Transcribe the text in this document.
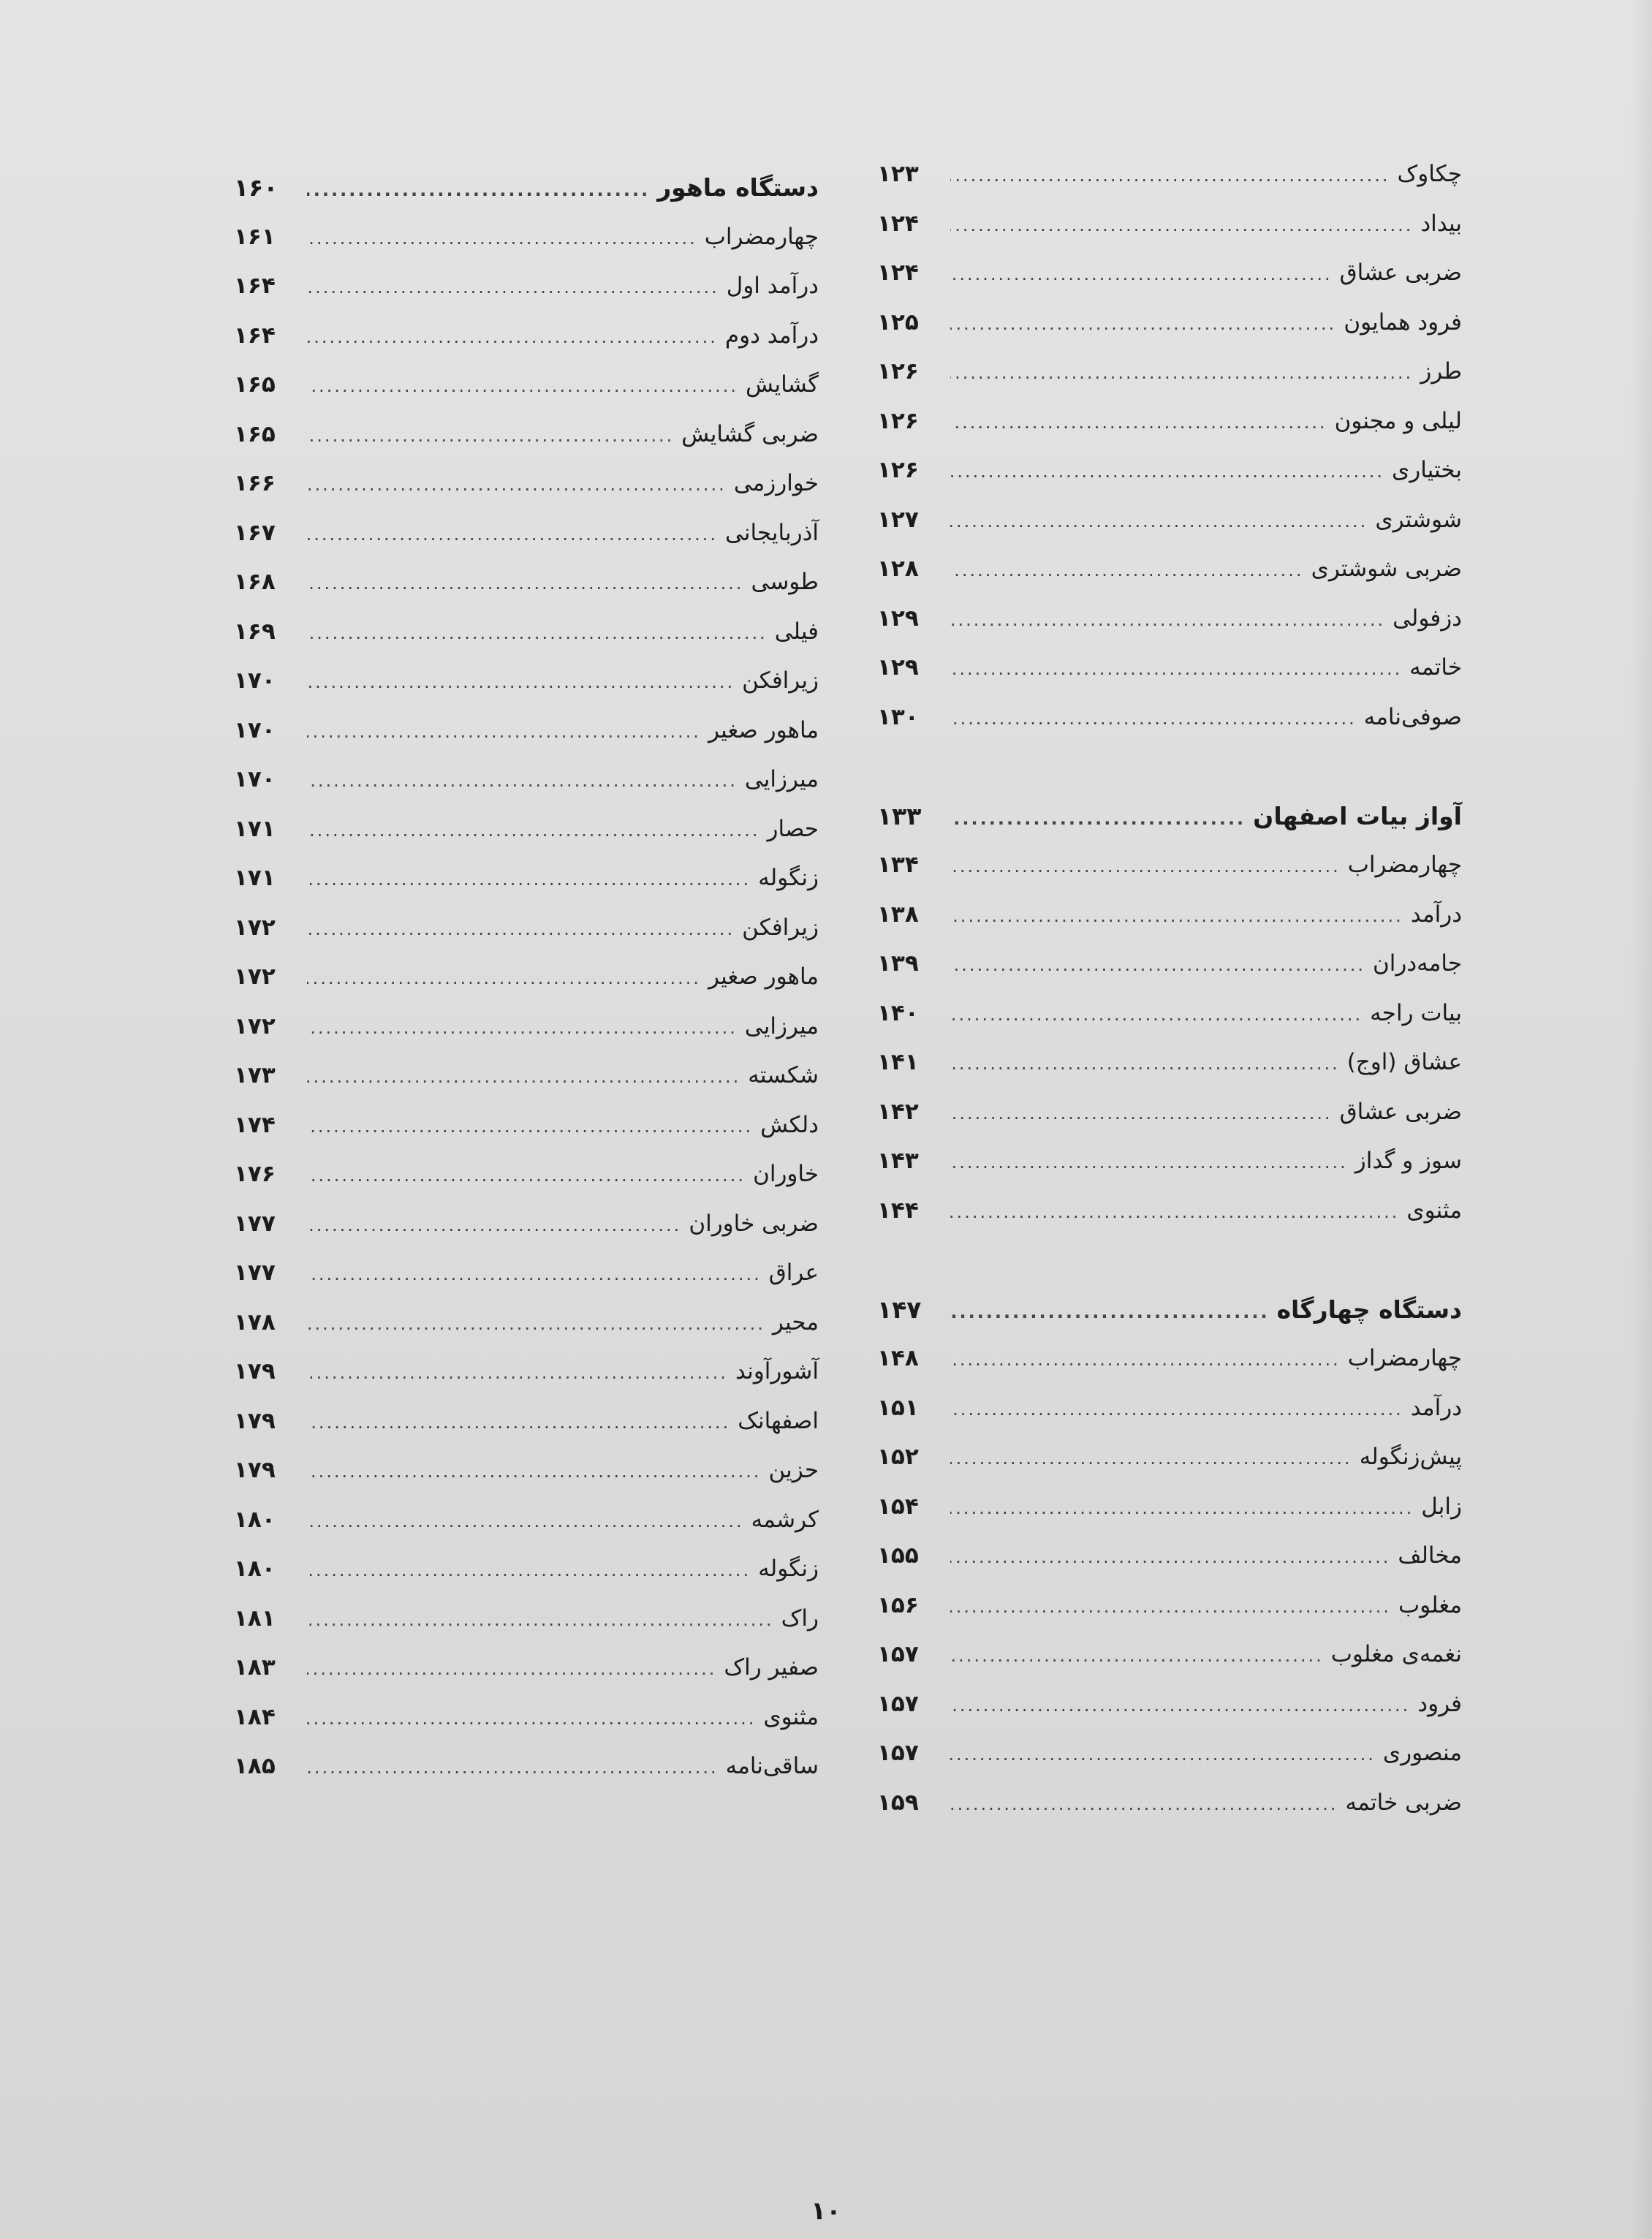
چکاوک
.....
۱۲۳
بیداد
.....
۱۲۴
ضربی عشاق
.....
۱۲۴
فرود همایون
.....
۱۲۵
طرز
.....
۱۲۶
لیلی و مجنون
.....
۱۲۶
بختیاری
.....
۱۲۶
شوشتری
.....
۱۲۷
ضربی شوشتری
.....
۱۲۸
دزفولی
.....
۱۲۹
خاتمه
.....
۱۲۹
صوفی‌نامه
.....
۱۳۰
آواز بیات اصفهان
.....
۱۳۳
چهارمضراب
.....
۱۳۴
درآمد
.....
۱۳۸
جامه‌دران
.....
۱۳۹
بیات راجه
.....
۱۴۰
عشاق (اوج)
.....
۱۴۱
ضربی عشاق
.....
۱۴۲
سوز و گداز
.....
۱۴۳
مثنوی
.....
۱۴۴
دستگاه چهارگاه
.....
۱۴۷
چهارمضراب
.....
۱۴۸
درآمد
.....
۱۵۱
پیش‌زنگوله
.....
۱۵۲
زابل
.....
۱۵۴
مخالف
.....
۱۵۵
مغلوب
.....
۱۵۶
نغمه‌ی مغلوب
.....
۱۵۷
فرود
.....
۱۵۷
منصوری
.....
۱۵۷
ضربی خاتمه
.....
۱۵۹
دستگاه ماهور
.....
۱۶۰
چهارمضراب
.....
۱۶۱
درآمد اول
.....
۱۶۴
درآمد دوم
.....
۱۶۴
گشایش
.....
۱۶۵
ضربی گشایش
.....
۱۶۵
خوارزمی
.....
۱۶۶
آذربایجانی
.....
۱۶۷
طوسی
.....
۱۶۸
فیلی
.....
۱۶۹
زیرافکن
.....
۱۷۰
ماهور صغیر
.....
۱۷۰
میرزایی
.....
۱۷۰
حصار
.....
۱۷۱
زنگوله
.....
۱۷۱
زیرافکن
.....
۱۷۲
ماهور صغیر
.....
۱۷۲
میرزایی
.....
۱۷۲
شکسته
.....
۱۷۳
دلکش
.....
۱۷۴
خاوران
.....
۱۷۶
ضربی خاوران
.....
۱۷۷
عراق
.....
۱۷۷
محیر
.....
۱۷۸
آشورآوند
.....
۱۷۹
اصفهانک
.....
۱۷۹
حزین
.....
۱۷۹
کرشمه
.....
۱۸۰
زنگوله
.....
۱۸۰
راک
.....
۱۸۱
صفیر راک
.....
۱۸۳
مثنوی
.....
۱۸۴
ساقی‌نامه
.....
۱۸۵
۱۰
